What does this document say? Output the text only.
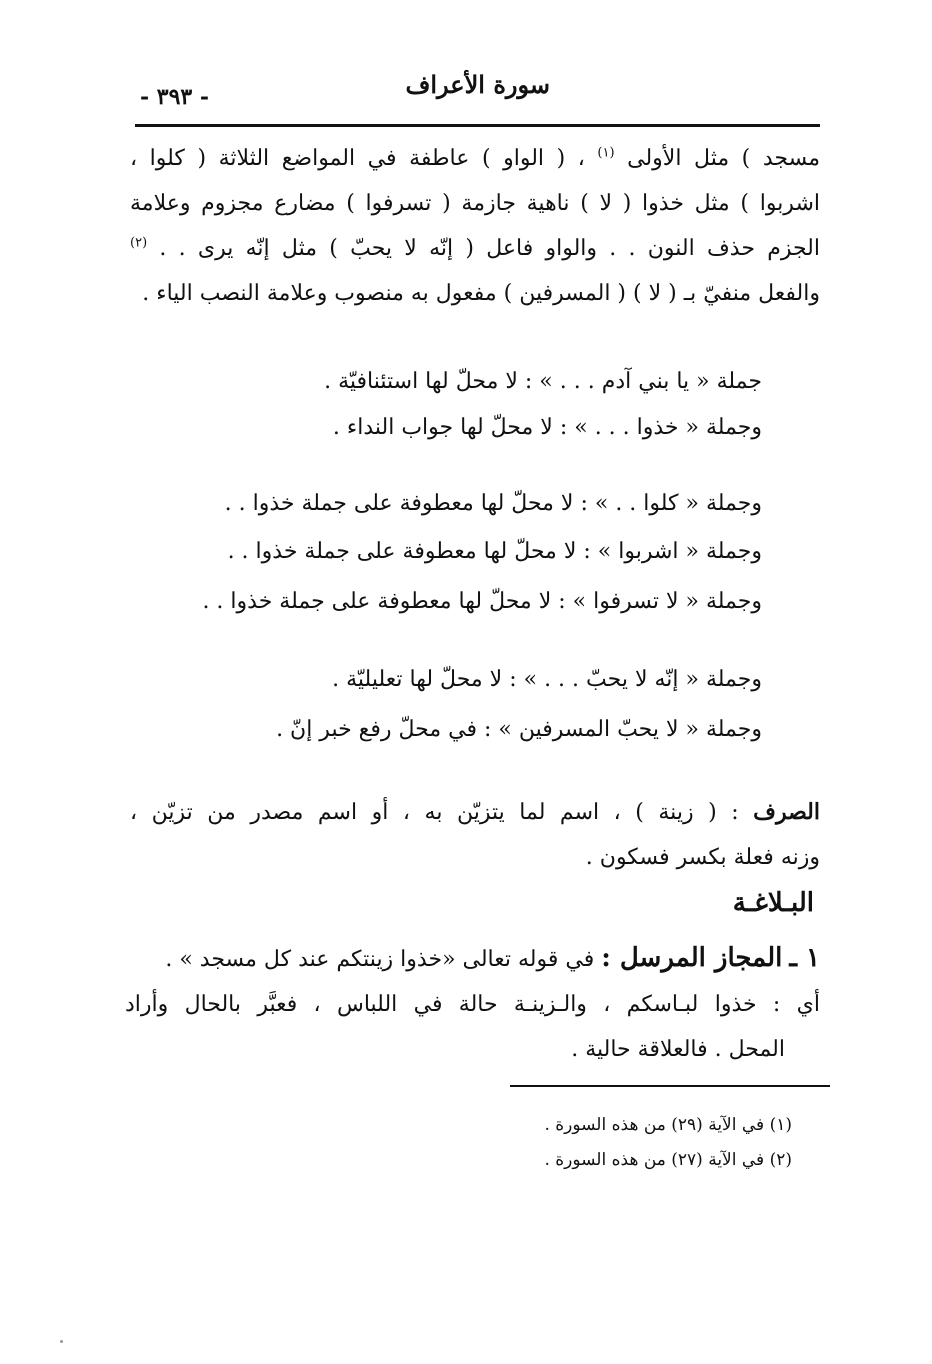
سورة الأعراف
- ٣٩٣ -
مسجد ) مثل الأولى $^{(١)}$ ، ( الواو ) عاطفة في المواضع الثلاثة ( كلوا ،
اشربوا ) مثل خذوا ( لا ) ناهية جازمة ( تسرفوا ) مضارع مجزوم وعلامة
الجزم حذف النون . . والواو فاعل ( إنّه لا يحبّ ) مثل إنّه يرى . . $^{(٢)}$
والفعل منفيّ بـ ( لا ) ( المسرفين ) مفعول به منصوب وعلامة النصب الياء .
جملة « يا بني آدم . . . » : لا محلّ لها استئنافيّة .
وجملة « خذوا . . . » : لا محلّ لها جواب النداء .
وجملة « كلوا . . » : لا محلّ لها معطوفة على جملة خذوا . .
وجملة « اشربوا » : لا محلّ لها معطوفة على جملة خذوا . .
وجملة « لا تسرفوا » : لا محلّ لها معطوفة على جملة خذوا . .
وجملة « إنّه لا يحبّ . . . » : لا محلّ لها تعليليّة .
وجملة « لا يحبّ المسرفين » : في محلّ رفع خبر إنّ .
الصرف : ( زينة ) ، اسم لما يتزيّن به ، أو اسم مصدر من تزيّن ،
وزنه فعلة بكسر فسكون .
البـلاغـة
١ ـ المجاز المرسل : في قوله تعالى «خذوا زينتكم عند كل مسجد » .
أي : خذوا لبـاسكم ، والـزينـة حالة في اللباس ، فعبَّر بالحال وأراد
المحل . فالعلاقة حالية .
(١) في الآية (٢٩) من هذه السورة .
(٢) في الآية (٢٧) من هذه السورة .
